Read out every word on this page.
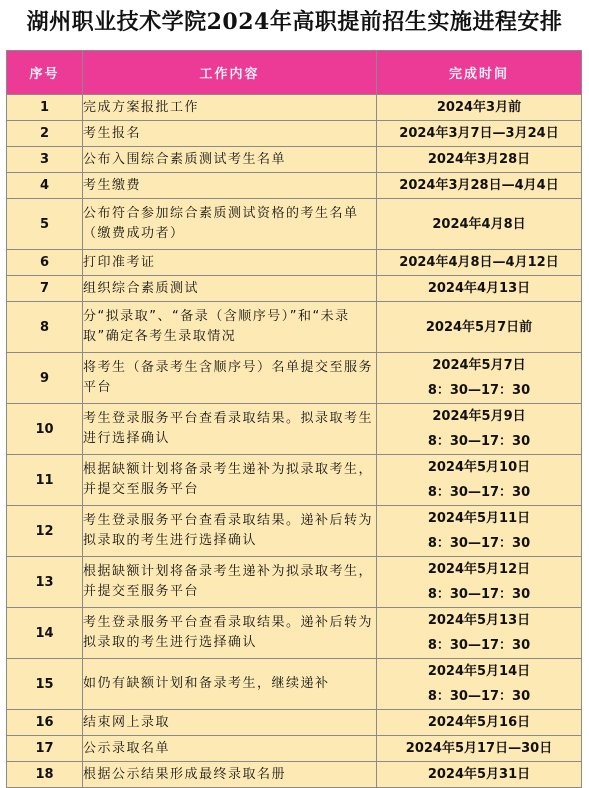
湖州职业技术学院2024年高职提前招生实施进程安排
序号	工作内容	完成时间
1	完成方案报批工作	2024年3月前

2	考生报名	2024年3月7日—3月24日

3	公布入围综合素质测试考生名单	2024年3月28日

4	考生缴费	2024年3月28日—4月4日

5	公布符合参加综合素质测试资格的考生名单（缴费成功者）	2024年4月8日

6	打印准考证	2024年4月8日—4月12日

7	组织综合素质测试	2024年4月13日

8	分“拟录取”、“备录（含顺序号）”和“未录取”确定各考生录取情况	2024年5月7日前

9	将考生（备录考生含顺序号）名单提交至服务平台	2024年5月7日
8：30—17：30

10	考生登录服务平台查看录取结果。拟录取考生进行选择确认	2024年5月9日
8：30—17：30

11	根据缺额计划将备录考生递补为拟录取考生，并提交至服务平台	2024年5月10日
8：30—17：30

12	考生登录服务平台查看录取结果。递补后转为拟录取的考生进行选择确认	2024年5月11日
8：30—17：30

13	根据缺额计划将备录考生递补为拟录取考生，并提交至服务平台	2024年5月12日
8：30—17：30

14	考生登录服务平台查看录取结果。递补后转为拟录取的考生进行选择确认	2024年5月13日
8：30—17：30

15	如仍有缺额计划和备录考生，继续递补	2024年5月14日
8：30—17：30

16	结束网上录取	2024年5月16日

17	公示录取名单	2024年5月17日—30日

18	根据公示结果形成最终录取名册	2024年5月31日
